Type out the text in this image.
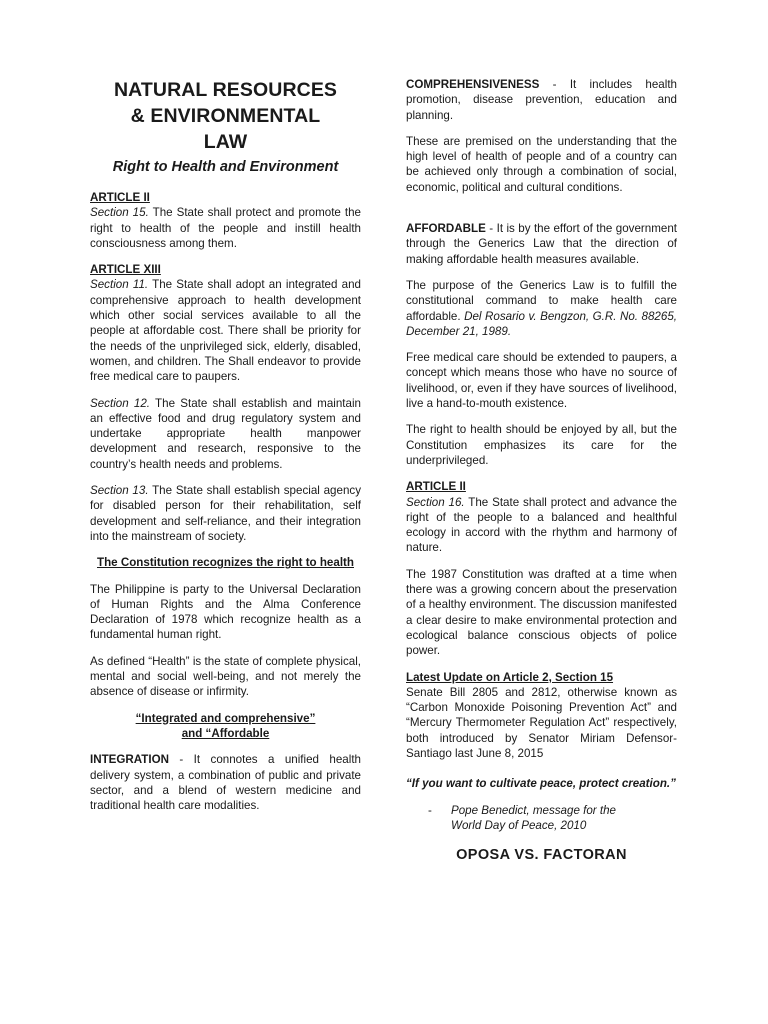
NATURAL RESOURCES
& ENVIRONMENTAL
LAW
Right to Health and Environment
ARTICLE II

Section 15. The State shall protect and promote the right to health of the people and instill health consciousness among them.

ARTICLE XIII

Section 11. The State shall adopt an integrated and comprehensive approach to health development which other social services available to all the people at affordable cost. There shall be priority for the needs of the unprivileged sick, elderly, disabled, women, and children. The Shall endeavor to provide free medical care to paupers.

Section 12. The State shall establish and maintain an effective food and drug regulatory system and undertake appropriate health manpower development and research, responsive to the country’s health needs and problems.

Section 13. The State shall establish special agency for disabled person for their rehabilitation, self development and self-reliance, and their integration into the mainstream of society.

The Constitution recognizes the right to health

The Philippine is party to the Universal Declaration of Human Rights and the Alma Conference Declaration of 1978 which recognize health as a fundamental human right.

As defined “Health” is the state of complete physical, mental and social well-being, and not merely the absence of disease or infirmity.

“Integrated and comprehensive”
and “Affordable

INTEGRATION - It connotes a unified health delivery system, a combination of public and private sector, and a blend of western medicine and traditional health care modalities.

COMPREHENSIVENESS - It includes health promotion, disease prevention, education and planning.

These are premised on the understanding that the high level of health of people and of a country can be achieved only through a combination of social, economic, political and cultural conditions.

AFFORDABLE - It is by the effort of the government through the Generics Law that the direction of making affordable health measures available.

The purpose of the Generics Law is to fulfill the constitutional command to make health care affordable. Del Rosario v. Bengzon, G.R. No. 88265, December 21, 1989.

Free medical care should be extended to paupers, a concept which means those who have no source of livelihood, or, even if they have sources of livelihood, live a hand-to-mouth existence.

The right to health should be enjoyed by all, but the Constitution emphasizes its care for the underprivileged.

ARTICLE II

Section 16. The State shall protect and advance the right of the people to a balanced and healthful ecology in accord with the rhythm and harmony of nature.

The 1987 Constitution was drafted at a time when there was a growing concern about the preservation of a healthy environment. The discussion manifested a clear desire to make environmental protection and ecological balance conscious objects of police power.

Latest Update on Article 2, Section 15

Senate Bill 2805 and 2812, otherwise known as “Carbon Monoxide Poisoning Prevention Act” and “Mercury Thermometer Regulation Act” respectively, both introduced by Senator Miriam Defensor-Santiago last June 8, 2015

“If you want to cultivate peace, protect creation.”

-	Pope Benedict, message for the
World Day of Peace, 2010
OPOSA VS. FACTORAN
